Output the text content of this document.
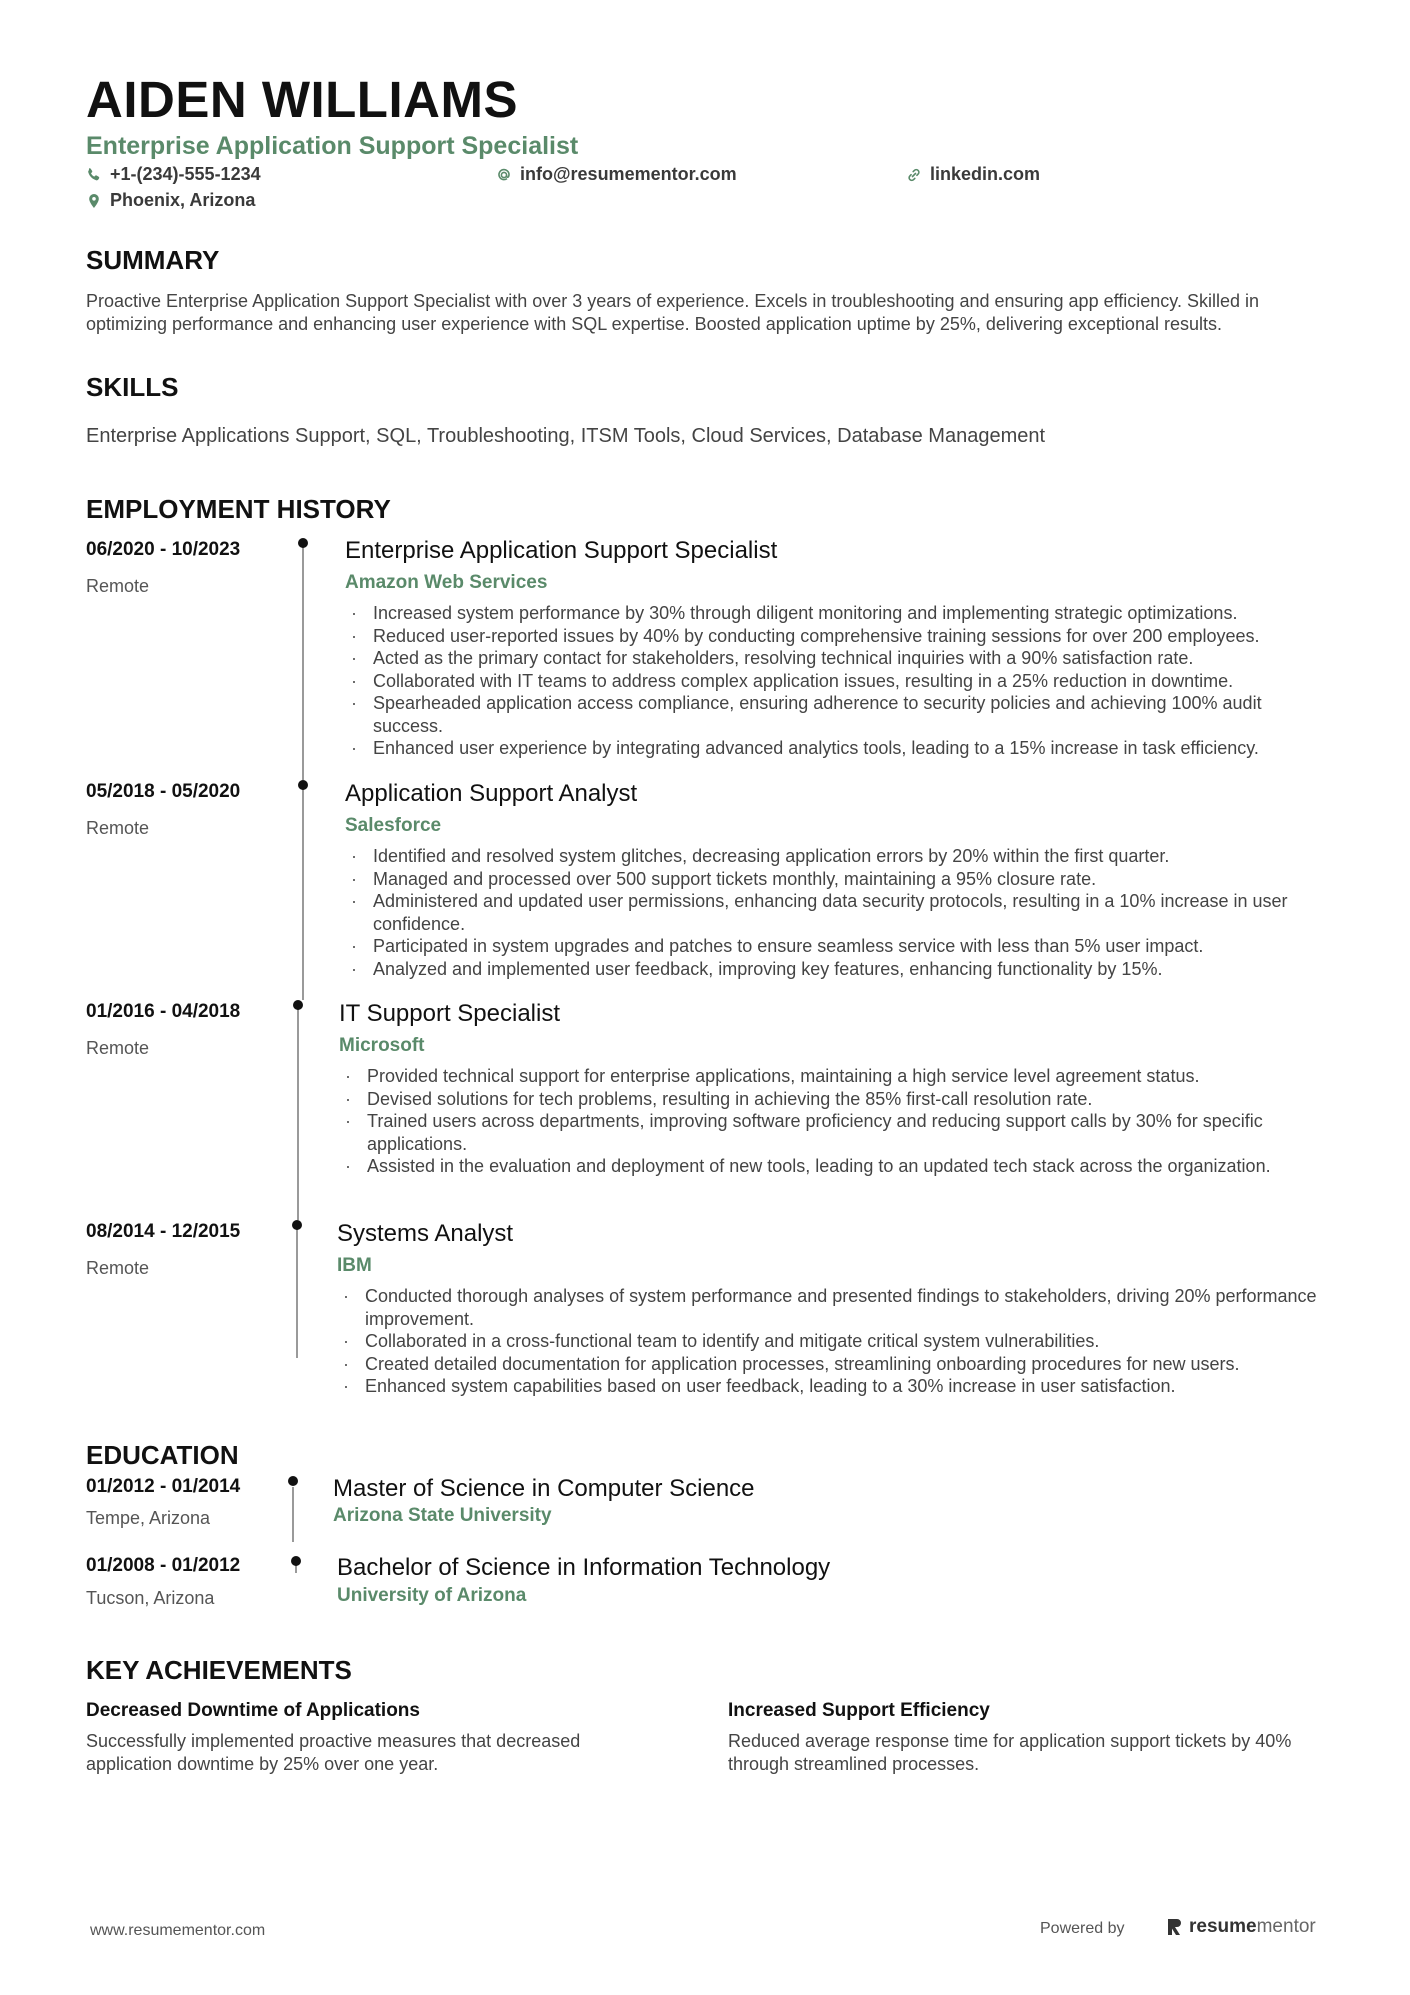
AIDEN WILLIAMS
Enterprise Application Support Specialist
+1-(234)-555-1234	info@resumementor.com	linkedin.com
Phoenix, Arizona
SUMMARY

Proactive Enterprise Application Support Specialist with over 3 years of experience. Excels in troubleshooting and ensuring app efficiency. Skilled in optimizing performance and enhancing user experience with SQL expertise. Boosted application uptime by 25%, delivering exceptional results.

SKILLS

Enterprise Applications Support, SQL, Troubleshooting, ITSM Tools, Cloud Services, Database Management

EMPLOYMENT HISTORY
06/2020 - 10/2023
Remote
Enterprise Application Support Specialist
Amazon Web Services
· Increased system performance by 30% through diligent monitoring and implementing strategic optimizations.
· Reduced user-reported issues by 40% by conducting comprehensive training sessions for over 200 employees.
· Acted as the primary contact for stakeholders, resolving technical inquiries with a 90% satisfaction rate.
· Collaborated with IT teams to address complex application issues, resulting in a 25% reduction in downtime.
· Spearheaded application access compliance, ensuring adherence to security policies and achieving 100% audit success.
· Enhanced user experience by integrating advanced analytics tools, leading to a 15% increase in task efficiency.
05/2018 - 05/2020
Remote
Application Support Analyst
Salesforce
· Identified and resolved system glitches, decreasing application errors by 20% within the first quarter.
· Managed and processed over 500 support tickets monthly, maintaining a 95% closure rate.
· Administered and updated user permissions, enhancing data security protocols, resulting in a 10% increase in user confidence.
· Participated in system upgrades and patches to ensure seamless service with less than 5% user impact.
· Analyzed and implemented user feedback, improving key features, enhancing functionality by 15%.
01/2016 - 04/2018
Remote
IT Support Specialist
Microsoft
· Provided technical support for enterprise applications, maintaining a high service level agreement status.
· Devised solutions for tech problems, resulting in achieving the 85% first-call resolution rate.
· Trained users across departments, improving software proficiency and reducing support calls by 30% for specific applications.
· Assisted in the evaluation and deployment of new tools, leading to an updated tech stack across the organization.
08/2014 - 12/2015
Remote
Systems Analyst
IBM
· Conducted thorough analyses of system performance and presented findings to stakeholders, driving 20% performance improvement.
· Collaborated in a cross-functional team to identify and mitigate critical system vulnerabilities.
· Created detailed documentation for application processes, streamlining onboarding procedures for new users.
· Enhanced system capabilities based on user feedback, leading to a 30% increase in user satisfaction.
EDUCATION
01/2012 - 01/2014
Tempe, Arizona
Master of Science in Computer Science
Arizona State University
01/2008 - 01/2012
Tucson, Arizona
Bachelor of Science in Information Technology
University of Arizona
KEY ACHIEVEMENTS
Decreased Downtime of Applications

Successfully implemented proactive measures that decreased application downtime by 25% over one year.

Increased Support Efficiency

Reduced average response time for application support tickets by 40% through streamlined processes.

www.resumementor.com	Powered by	resumementor
